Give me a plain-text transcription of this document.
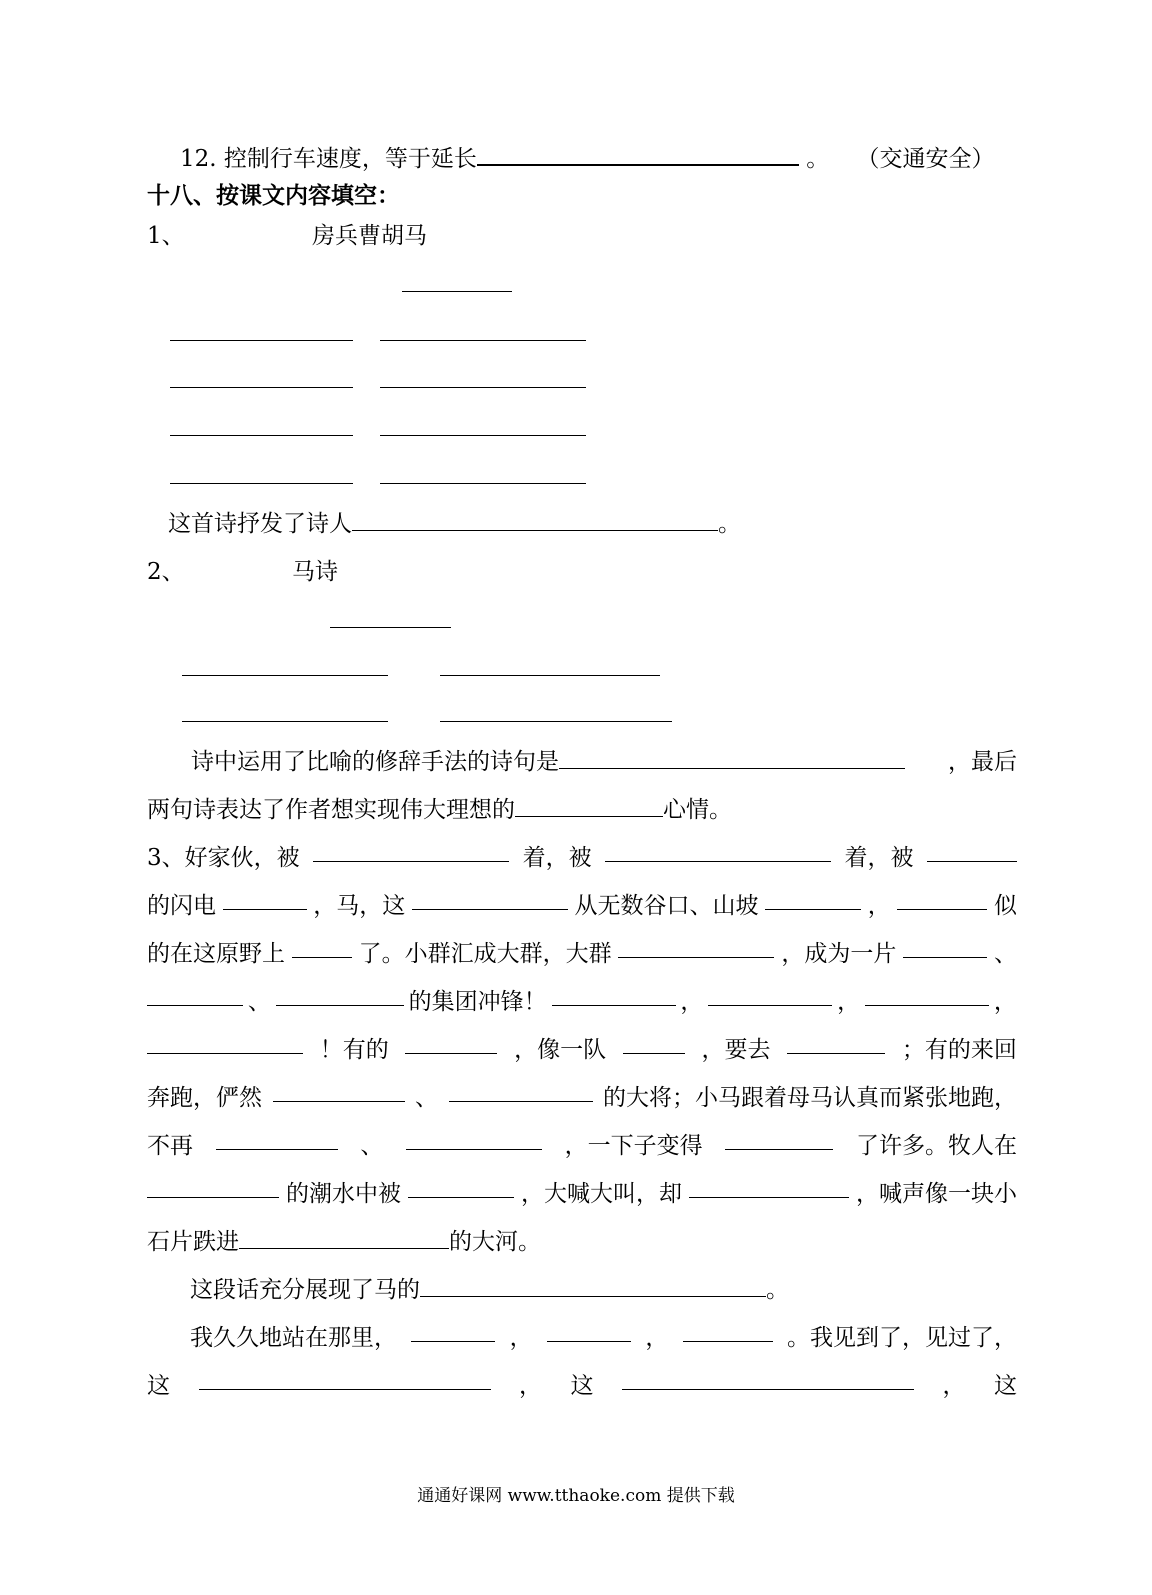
12. 控制行车速度，等于延长	。 （交通安全）
十八、按课文内容填空：
1、	房兵曹胡马
这首诗抒发了诗人	。
2、	马诗
诗中运用了比喻的修辞手法的诗句是	，最后
两句诗表达了作者想实现伟大理想的	心情。
3、好家伙，被	着，被	着，被
的闪电	，马，这	从无数谷口、山坡	，	似
的在这原野上	了。小群汇成大群，大群	，成为一片	、
、	的集团冲锋！	，	，	，
！有的	，像一队	，要去	；有的来回
奔跑，俨然	、	的大将；小马跟着母马认真而紧张地跑，
不再	、	，一下子变得	了许多。牧人在
的潮水中被	，大喊大叫，却	，喊声像一块小
石片跌进	的大河。
这段话充分展现了马的	。
我久久地站在那里，	，	，	。我见到了，见过了，
这	， 这	， 这
通通好课网 www.tthaoke.com 提供下载
